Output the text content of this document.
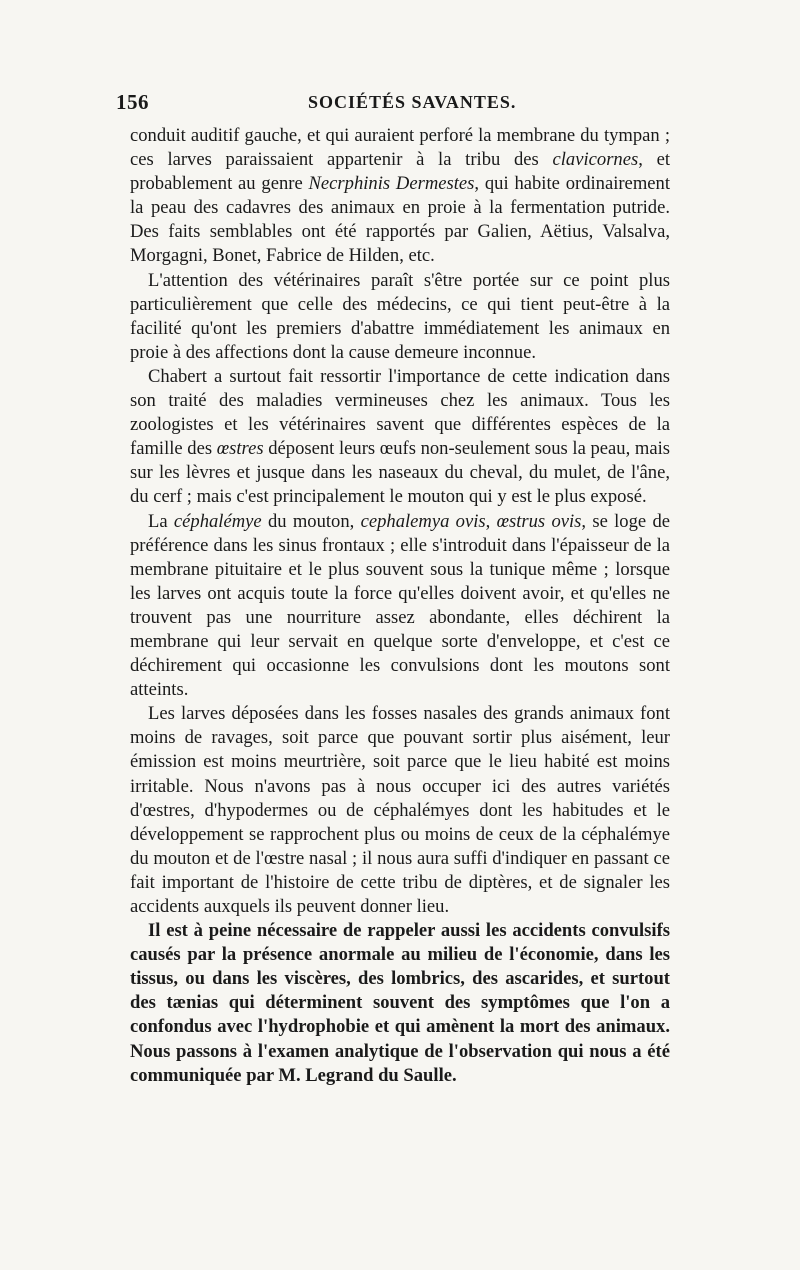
156	SOCIÉTÉS SAVANTES.

conduit auditif gauche, et qui auraient perforé la membrane du tympan ; ces larves paraissaient appartenir à la tribu des clavicornes, et probablement au genre Necrphinis Dermestes, qui habite ordinairement la peau des cadavres des animaux en proie à la fermentation putride. Des faits semblables ont été rapportés par Galien, Aëtius, Valsalva, Morgagni, Bonet, Fabrice de Hilden, etc.

L'attention des vétérinaires paraît s'être portée sur ce point plus particulièrement que celle des médecins, ce qui tient peut-être à la facilité qu'ont les premiers d'abattre immédiatement les animaux en proie à des affections dont la cause demeure inconnue.

Chabert a surtout fait ressortir l'importance de cette indication dans son traité des maladies vermineuses chez les animaux. Tous les zoologistes et les vétérinaires savent que différentes espèces de la famille des œstres déposent leurs œufs non-seulement sous la peau, mais sur les lèvres et jusque dans les naseaux du cheval, du mulet, de l'âne, du cerf ; mais c'est principalement le mouton qui y est le plus exposé.

La céphalémye du mouton, cephalemya ovis, œstrus ovis, se loge de préférence dans les sinus frontaux ; elle s'introduit dans l'épaisseur de la membrane pituitaire et le plus souvent sous la tunique même ; lorsque les larves ont acquis toute la force qu'elles doivent avoir, et qu'elles ne trouvent pas une nourriture assez abondante, elles déchirent la membrane qui leur servait en quelque sorte d'enveloppe, et c'est ce déchirement qui occasionne les convulsions dont les moutons sont atteints.

Les larves déposées dans les fosses nasales des grands animaux font moins de ravages, soit parce que pouvant sortir plus aisément, leur émission est moins meurtrière, soit parce que le lieu habité est moins irritable. Nous n'avons pas à nous occuper ici des autres variétés d'œstres, d'hypodermes ou de céphalémyes dont les habitudes et le développement se rapprochent plus ou moins de ceux de la céphalémye du mouton et de l'œstre nasal ; il nous aura suffi d'indiquer en passant ce fait important de l'histoire de cette tribu de diptères, et de signaler les accidents auxquels ils peuvent donner lieu.

Il est à peine nécessaire de rappeler aussi les accidents convulsifs causés par la présence anormale au milieu de l'économie, dans les tissus, ou dans les viscères, des lombrics, des ascarides, et surtout des tænias qui déterminent souvent des symptômes que l'on a confondus avec l'hydrophobie et qui amènent la mort des animaux. Nous passons à l'examen analytique de l'observation qui nous a été communiquée par M. Legrand du Saulle.
